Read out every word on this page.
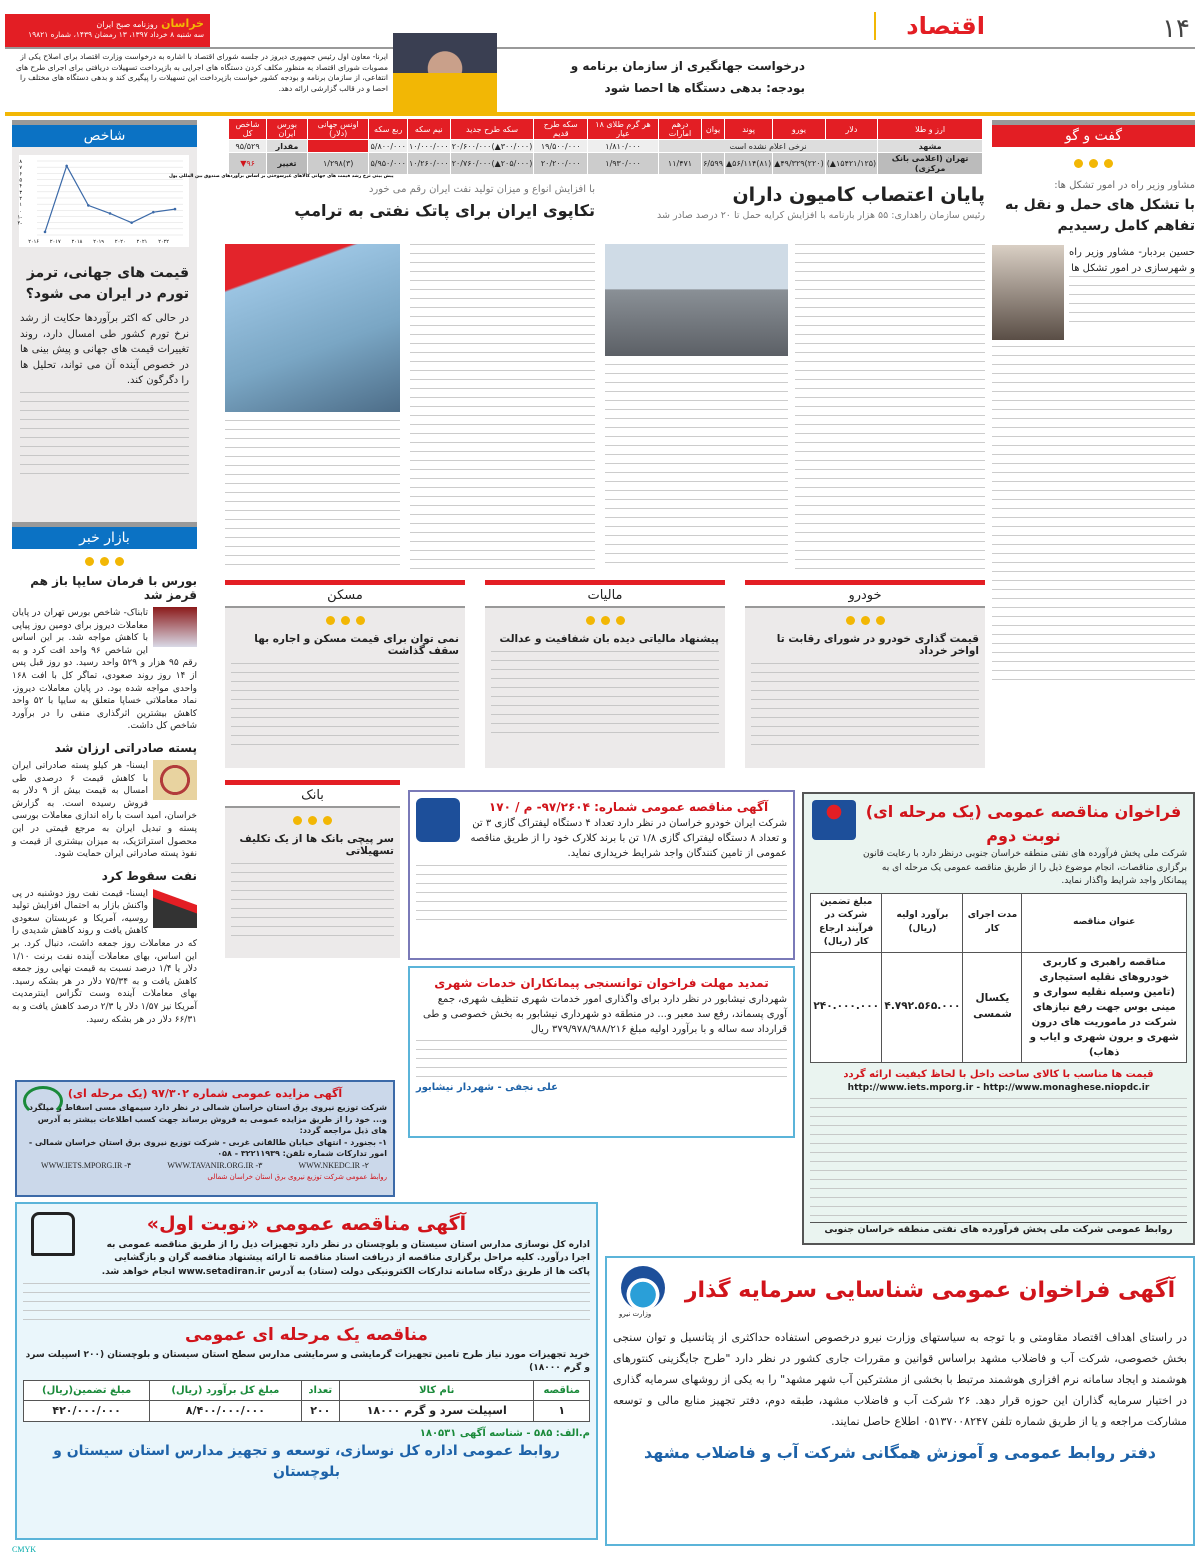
خراسان روزنامه صبح ایران
سه شنبه ۸ خرداد ۱۳۹۷، ۱۳ رمضان ۱۴۳۹، شماره ۱۹۸۲۱	۱۴
اقتصاد
درخواست جهانگیری از سازمان برنامه و
بودجه: بدهی دستگاه ها احصا شود
ایرنا- معاون اول رئیس جمهوری دیروز در جلسه شورای اقتصاد با اشاره به درخواست وزارت اقتصاد برای اصلاح یکی از مصوبات شورای اقتصاد به منظور مکلف کردن دستگاه های اجرایی به بازپرداخت تسهیلات دریافتی برای اجرای طرح های انتفاعی، از سازمان برنامه و بودجه کشور خواست بازپرداخت این تسهیلات را پیگیری کند و بدهی دستگاه های مختلف را احصا و در قالب گزارشی ارائه دهد.
ارز و طلا	دلار	یورو	پوند	یوان	درهم امارات	هر گرم طلای ۱۸ عیار	سکه طرح قدیم	سکه طرح جدید	نیم سکه	ربع سکه	اونس جهانی (دلار)	بورس ایران	شاخص کل
مشهد	نرخی اعلام نشده است					۱/۸۱۰/۰۰۰	۱۹/۵۰۰/۰۰۰	(۳۰۰/۰۰۰▲)۲۰/۶۰۰/۰۰۰	۱۰/۰۰۰/۰۰۰	۵/۸۰۰/۰۰۰		مقدار	۹۵/۵۲۹
تهران (اعلامی بانک مرکزی)	(۱۵۴۲۱/۱۲۵▲)	(۲۲۰)۴۹/۳۲۹▲	(۸۱)۵۶/۱۱۴▲	۶/۵۹۹	۱۱/۴۷۱	۱/۹۳۰/۰۰۰	۲۰/۲۰۰/۰۰۰	(۲۰۵/۰۰۰▲)۲۰/۷۶۰/۰۰۰	۱۰/۲۶۰/۰۰۰	۵/۹۵۰/۰۰۰	(۳)۱/۲۹۸	تغییر	۹۶▼
گفت و گو
مشاور وزیر راه در امور تشکل ها:
با تشکل های حمل و نقل به تفاهم کامل رسیدیم

حسین بردبار- مشاور وزیر راه و شهرسازی در امور تشکل ها

پایان اعتصاب کامیون داران
رئیس سازمان راهداری: ۵۵ هزار بارنامه با افزایش کرایه حمل تا ۲۰ درصد صادر شد
با افزایش انواع و میزان تولید نفت ایران رقم می خورد
تکاپوی ایران برای پاتک نفتی به ترامپ
شاخص
۸
۷
۶
۵
۴
۳
۲
۱
۰
-۱
-۲
۲۰۱۶ ۲۰۱۷ ۲۰۱۸ ۲۰۱۹ ۲۰۲۰ ۲۰۲۱ ۲۰۲۲
پیش بینی نرخ رشد قیمت های جهانی کالاهای غیرسوختی بر اساس برآوردهای صندوق بین المللی پول
قیمت های جهانی، ترمز تورم در ایران می شود؟

در حالی که اکثر برآوردها حکایت از رشد نرخ تورم کشور طی امسال دارد، روند تغییرات قیمت های جهانی و پیش بینی ها در خصوص آینده آن می تواند، تحلیل ها را دگرگون کند.

بازار خبر
بورس با فرمان سایپا باز هم قرمز شد

تابناک- شاخص بورس تهران در پایان معاملات دیروز برای دومین روز پیاپی با کاهش مواجه شد. بر این اساس این شاخص ۹۶ واحد افت کرد و به رقم ۹۵ هزار و ۵۲۹ واحد رسید. دو روز قبل پس از ۱۴ روز روند صعودی، تماگر کل با افت ۱۶۸ واحدی مواجه شده بود. در پایان معاملات دیروز، نماد معاملاتی خساپا متعلق به سایپا با ۵۲ واحد کاهش بیشترین اثرگذاری منفی را در برآورد شاخص کل داشت.

پسته صادراتی ارزان شد

ایسنا- هر کیلو پسته صادراتی ایران با کاهش قیمت ۶ درصدی طی امسال به قیمت بیش از ۹ دلار به فروش رسیده است. به گزارش خراسان، امید است با راه اندازی معاملات بورسی پسته و تبدیل ایران به مرجع قیمتی در این محصول استراتژیک، به میزان بیشتری از قیمت و نفوذ پسته صادراتی ایران حمایت شود.

نفت سقوط کرد

ایسنا- قیمت نفت روز دوشنبه در پی واکنش بازار به احتمال افزایش تولید روسیه، آمریکا و عربستان سعودی کاهش یافت و روند کاهش شدیدی را که در معاملات روز جمعه داشت، دنبال کرد. بر این اساس، بهای معاملات آینده نفت برنت ۱/۱۰ دلار یا ۱/۴ درصد نسبت به قیمت نهایی روز جمعه کاهش یافت و به ۷۵/۳۴ دلار در هر بشکه رسید. بهای معاملات آینده وست تگزاس اینترمدیت آمریکا نیز ۱/۵۷ دلار یا ۲/۳ درصد کاهش یافت و به ۶۶/۳۱ دلار در هر بشکه رسید.

خودرو
قیمت گذاری خودرو در شورای رقابت تا اواخر خرداد
مالیات
پیشنهاد مالیاتی دیده بان شفافیت و عدالت
مسکن
نمی توان برای قیمت مسکن و اجاره بها سقف گذاشت
بانک
سر پیچی بانک ها از یک تکلیف تسهیلاتی
آگهی مناقصه عمومی شماره: ۹۷/۲۶۰۴- م / ۱۷۰
شرکت ایران خودرو خراسان در نظر دارد تعداد ۴ دستگاه لیفتراک گازی ۳ تن و تعداد ۸ دستگاه لیفتراک گازی ۱/۸ تن با برند کلارک خود را از طریق مناقصه عمومی از تامین کنندگان واجد شرایط خریداری نماید.
تمدید مهلت فراخوان توانسنجی پیمانکاران خدمات شهری
شهرداری نیشابور در نظر دارد برای واگذاری امور خدمات شهری تنظیف شهری، جمع آوری پسماند، رفع سد معبر و... در منطقه دو شهرداری نیشابور به بخش خصوصی و طی قرارداد سه ساله و با برآورد اولیه مبلغ ۳۷۹/۹۷۸/۹۸۸/۲۱۶ ریال
علی نجفی - شهردار نیشابور
فراخوان مناقصه عمومی (یک مرحله ای) نوبت دوم
شرکت ملی پخش فرآورده های نفتی منطقه خراسان جنوبی درنظر دارد با رعایت قانون برگزاری مناقصات، انجام موضوع ذیل را از طریق مناقصه عمومی یک مرحله ای به پیمانکار واجد شرایط واگذار نماید.
عنوان مناقصه	مدت اجرای کار	برآورد اولیه (ریال)	مبلغ تضمین شرکت در فرآیند ارجاع کار (ریال)
مناقصه راهبری و کاربری خودروهای نقلیه استیجاری (تامین وسیله نقلیه سواری و مینی بوس جهت رفع نیازهای شرکت در ماموریت های درون شهری و برون شهری و ایاب و ذهاب)	یکسال شمسی	۴.۷۹۲.۵۶۵.۰۰۰	۲۴۰.۰۰۰.۰۰۰
قیمت ها مناسب با کالای ساخت داخل با لحاظ کیفیت ارائه گردد
http://www.iets.mporg.ir - http://www.monaghese.niopdc.ir
روابط عمومی شرکت ملی پخش فرآورده های نفتی منطقه خراسان جنوبی
آگهی مزایده عمومی شماره ۹۷/۳۰۲ (یک مرحله ای)
شرکت توزیع نیروی برق استان خراسان شمالی در نظر دارد سیمهای مسی اسقاط و میلگرد و... خود را از طریق مزایده عمومی به فروش برساند جهت کسب اطلاعات بیشتر به آدرس های ذیل مراجعه گردد:
۱- بجنورد - انتهای خیابان طالقانی غربی - شرکت توزیع نیروی برق استان خراسان شمالی - امور تدارکات شماره تلفن: ۳۲۲۱۱۹۳۹ - ۰۵۸
WWW.NKEDC.IR -۲
WWW.TAVANIR.ORG.IR -۳
WWW.IETS.MPORG.IR -۴
روابط عمومی شرکت توزیع نیروی برق استان خراسان شمالی
آگهی مناقصه عمومی «نوبت اول»
اداره کل نوسازی مدارس استان سیستان و بلوچستان در نظر دارد تجهیزات ذیل را از طریق مناقصه عمومی به اجرا درآورد. کلیه مراحل برگزاری مناقصه از دریافت اسناد مناقصه تا ارائه پیشنهاد مناقصه گران و بازگشایی پاکت ها از طریق درگاه سامانه تدارکات الکترونیکی دولت (ستاد) به آدرس www.setadiran.ir انجام خواهد شد.
مناقصه یک مرحله ای عمومی
خرید تجهیزات مورد نیاز طرح تامین تجهیزات گرمایشی و سرمایشی مدارس سطح استان سیستان و بلوچستان (۲۰۰ اسپیلت سرد و گرم ۱۸۰۰۰)
مناقصه	نام کالا	تعداد	مبلغ کل برآورد (ریال)	مبلغ تضمین(ریال)
۱	اسپیلت سرد و گرم ۱۸۰۰۰	۲۰۰	۸/۴۰۰/۰۰۰/۰۰۰	۴۲۰/۰۰۰/۰۰۰
م.الف: ۵۸۵ - شناسه آگهی ۱۸۰۵۳۱
روابط عمومی اداره کل نوسازی، توسعه و تجهیز مدارس استان سیستان و بلوچستان
وزارت نیرو
آگهی فراخوان عمومی شناسایی سرمایه گذار

در راستای اهداف اقتصاد مقاومتی و با توجه به سیاستهای وزارت نیرو درخصوص استفاده حداکثری از پتانسیل و توان سنجی بخش خصوصی، شرکت آب و فاضلاب مشهد براساس قوانین و مقررات جاری کشور در نظر دارد "طرح جایگزینی کنتورهای هوشمند و ایجاد سامانه نرم افزاری هوشمند مرتبط با بخشی از مشترکین آب شهر مشهد" را به یکی از روشهای سرمایه گذاری در اختیار سرمایه گذاران این حوزه قرار دهد. ۲۶ شرکت آب و فاضلاب مشهد، طبقه دوم، دفتر تجهیز منابع مالی و توسعه مشارکت مراجعه و یا از طریق شماره تلفن ۰۵۱۳۷۰۰۸۲۴۷ اطلاع حاصل نمایند.

دفتر روابط عمومی و آموزش همگانی شرکت آب و فاضلاب مشهد
CMYK
